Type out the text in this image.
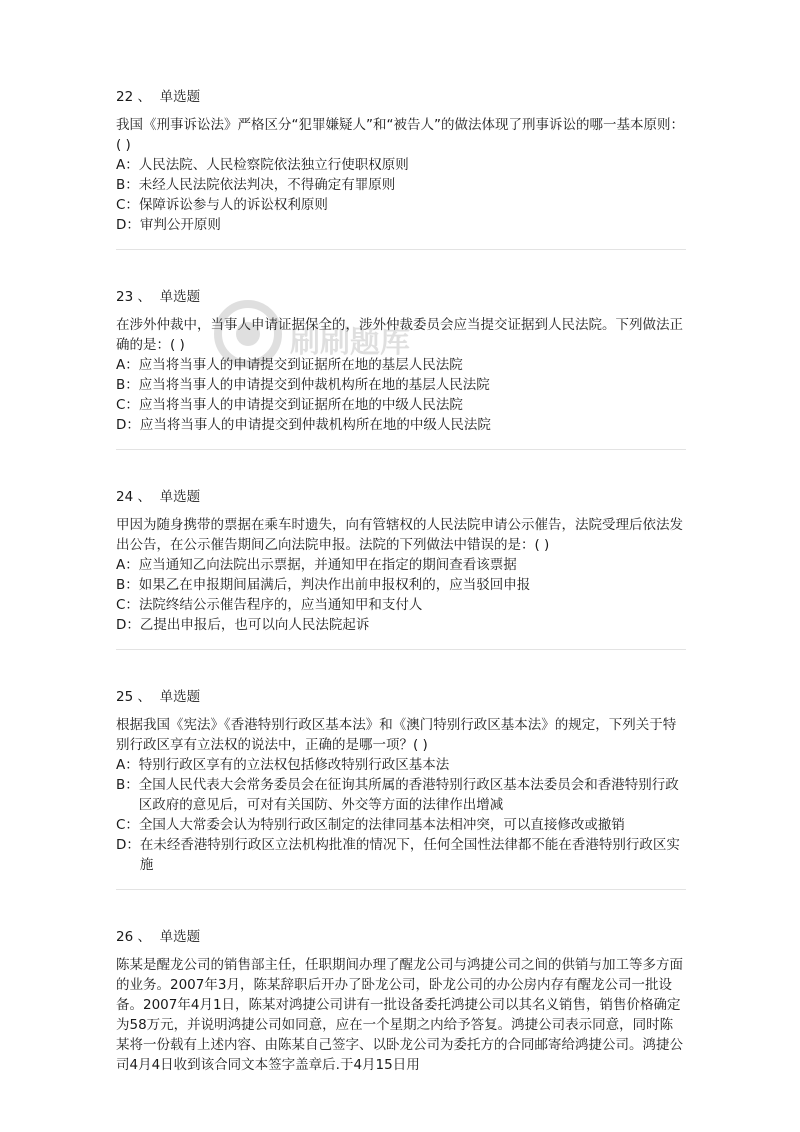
22 、 单选题
我国《刑事诉讼法》严格区分“犯罪嫌疑人”和“被告人”的做法体现了刑事诉讼的哪一基本原则：( )
A： 人民法院、人民检察院依法独立行使职权原则
B： 未经人民法院依法判决，不得确定有罪原则
C： 保障诉讼参与人的诉讼权利原则
D： 审判公开原则
23 、 单选题
在涉外仲裁中，当事人申请证据保全的，涉外仲裁委员会应当提交证据到人民法院。下列做法正确的是：( )
A： 应当将当事人的申请提交到证据所在地的基层人民法院
B： 应当将当事人的申请提交到仲裁机构所在地的基层人民法院
C： 应当将当事人的申请提交到证据所在地的中级人民法院
D： 应当将当事人的申请提交到仲裁机构所在地的中级人民法院
24 、 单选题
甲因为随身携带的票据在乘车时遗失，向有管辖权的人民法院申请公示催告，法院受理后依法发出公告，在公示催告期间乙向法院申报。法院的下列做法中错误的是：( )
A： 应当通知乙向法院出示票据，并通知甲在指定的期间查看该票据
B： 如果乙在申报期间届满后，判决作出前申报权利的，应当驳回申报
C： 法院终结公示催告程序的，应当通知甲和支付人
D： 乙提出申报后，也可以向人民法院起诉
25 、 单选题
根据我国《宪法》《香港特别行政区基本法》和《澳门特别行政区基本法》的规定，下列关于特别行政区享有立法权的说法中，正确的是哪一项？( )
A： 特别行政区享有的立法权包括修改特别行政区基本法
B： 全国人民代表大会常务委员会在征询其所属的香港特别行政区基本法委员会和香港特别行政区政府的意见后，可对有关国防、外交等方面的法律作出增减
C： 全国人大常委会认为特别行政区制定的法律同基本法相冲突，可以直接修改或撤销
D： 在未经香港特别行政区立法机构批准的情况下，任何全国性法律都不能在香港特别行政区实施
26 、 单选题
陈某是醒龙公司的销售部主任，任职期间办理了醒龙公司与鸿捷公司之间的供销与加工等多方面的业务。2007年3月，陈某辞职后开办了卧龙公司，卧龙公司的办公房内存有醒龙公司一批设备。2007年4月1日，陈某对鸿捷公司讲有一批设备委托鸿捷公司以其名义销售，销售价格确定为58万元，并说明鸿捷公司如同意，应在一个星期之内给予答复。鸿捷公司表示同意，同时陈某将一份载有上述内容、由陈某自己签字、以卧龙公司为委托方的合同邮寄给鸿捷公司。鸿捷公司4月4日收到该合同文本签字盖章后.于4月15日用
刷刷题库
